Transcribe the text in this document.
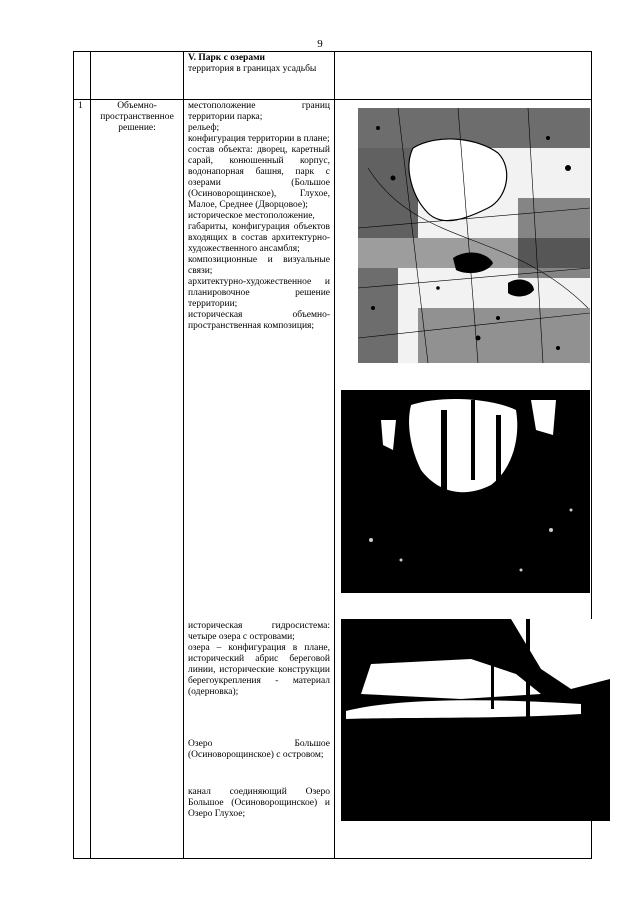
9
V. Парк с озерами
территория в границах усадьбы
1	Объемно-пространственное решение:
местоположение границ территории парка;
рельеф;
конфигурация территории в плане;
состав объекта: дворец, каретный сарай, конюшенный корпус, водонапорная башня, парк с озерами (Большое (Осиноворощинское), Глухое, Малое, Среднее (Дворцовое);
историческое местоположение,
габариты, конфигурация объектов входящих в состав архитектурно-художественного ансамбля;
композиционные и визуальные связи;
архитектурно-художественное и планировочное решение территории;
историческая объемно-пространственная композиция;
историческая гидросистема: четыре озера с островами;
озера – конфигурация в плане, исторический абрис береговой линии, исторические конструкции берегоукрепления - материал (одерновка);
Озеро Большое (Осиноворощинское) с островом;
канал соединяющий Озеро Большое (Осиноворощинское) и Озеро Глухое;
